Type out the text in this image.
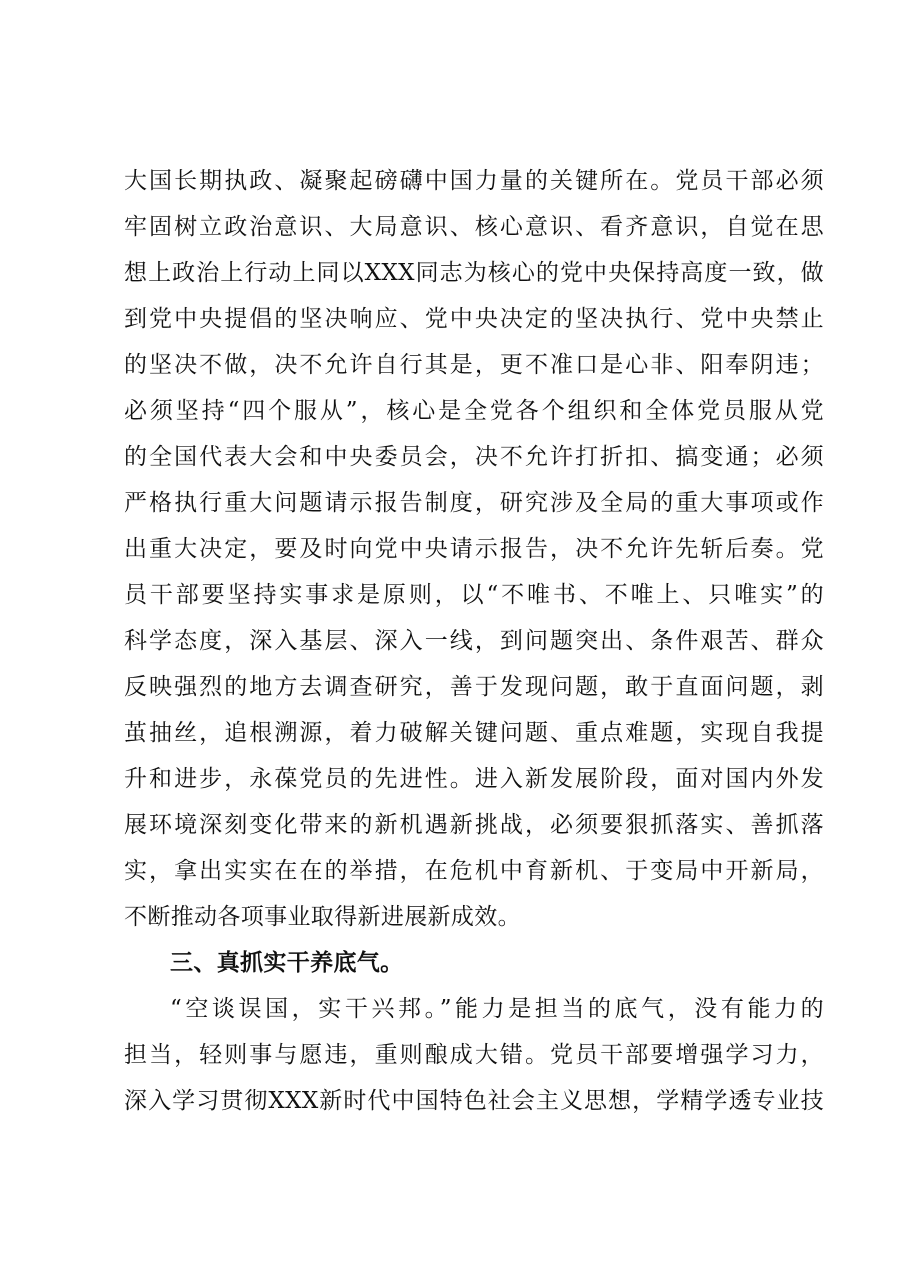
大国长期执政、凝聚起磅礴中国力量的关键所在。党员干部必须
牢固树立政治意识、大局意识、核心意识、看齐意识，自觉在思
想上政治上行动上同以XXX同志为核心的党中央保持高度一致，做
到党中央提倡的坚决响应、党中央决定的坚决执行、党中央禁止
的坚决不做，决不允许自行其是，更不准口是心非、阳奉阴违；
必须坚持“四个服从”，核心是全党各个组织和全体党员服从党
的全国代表大会和中央委员会，决不允许打折扣、搞变通；必须
严格执行重大问题请示报告制度，研究涉及全局的重大事项或作
出重大决定，要及时向党中央请示报告，决不允许先斩后奏。党
员干部要坚持实事求是原则，以“不唯书、不唯上、只唯实”的
科学态度，深入基层、深入一线，到问题突出、条件艰苦、群众
反映强烈的地方去调查研究，善于发现问题，敢于直面问题，剥
茧抽丝，追根溯源，着力破解关键问题、重点难题，实现自我提
升和进步，永葆党员的先进性。进入新发展阶段，面对国内外发
展环境深刻变化带来的新机遇新挑战，必须要狠抓落实、善抓落
实，拿出实实在在的举措，在危机中育新机、于变局中开新局，
不断推动各项事业取得新进展新成效。
三、真抓实干养底气。
“空谈误国，实干兴邦。”能力是担当的底气，没有能力的
担当，轻则事与愿违，重则酿成大错。党员干部要增强学习力，
深入学习贯彻XXX新时代中国特色社会主义思想，学精学透专业技
